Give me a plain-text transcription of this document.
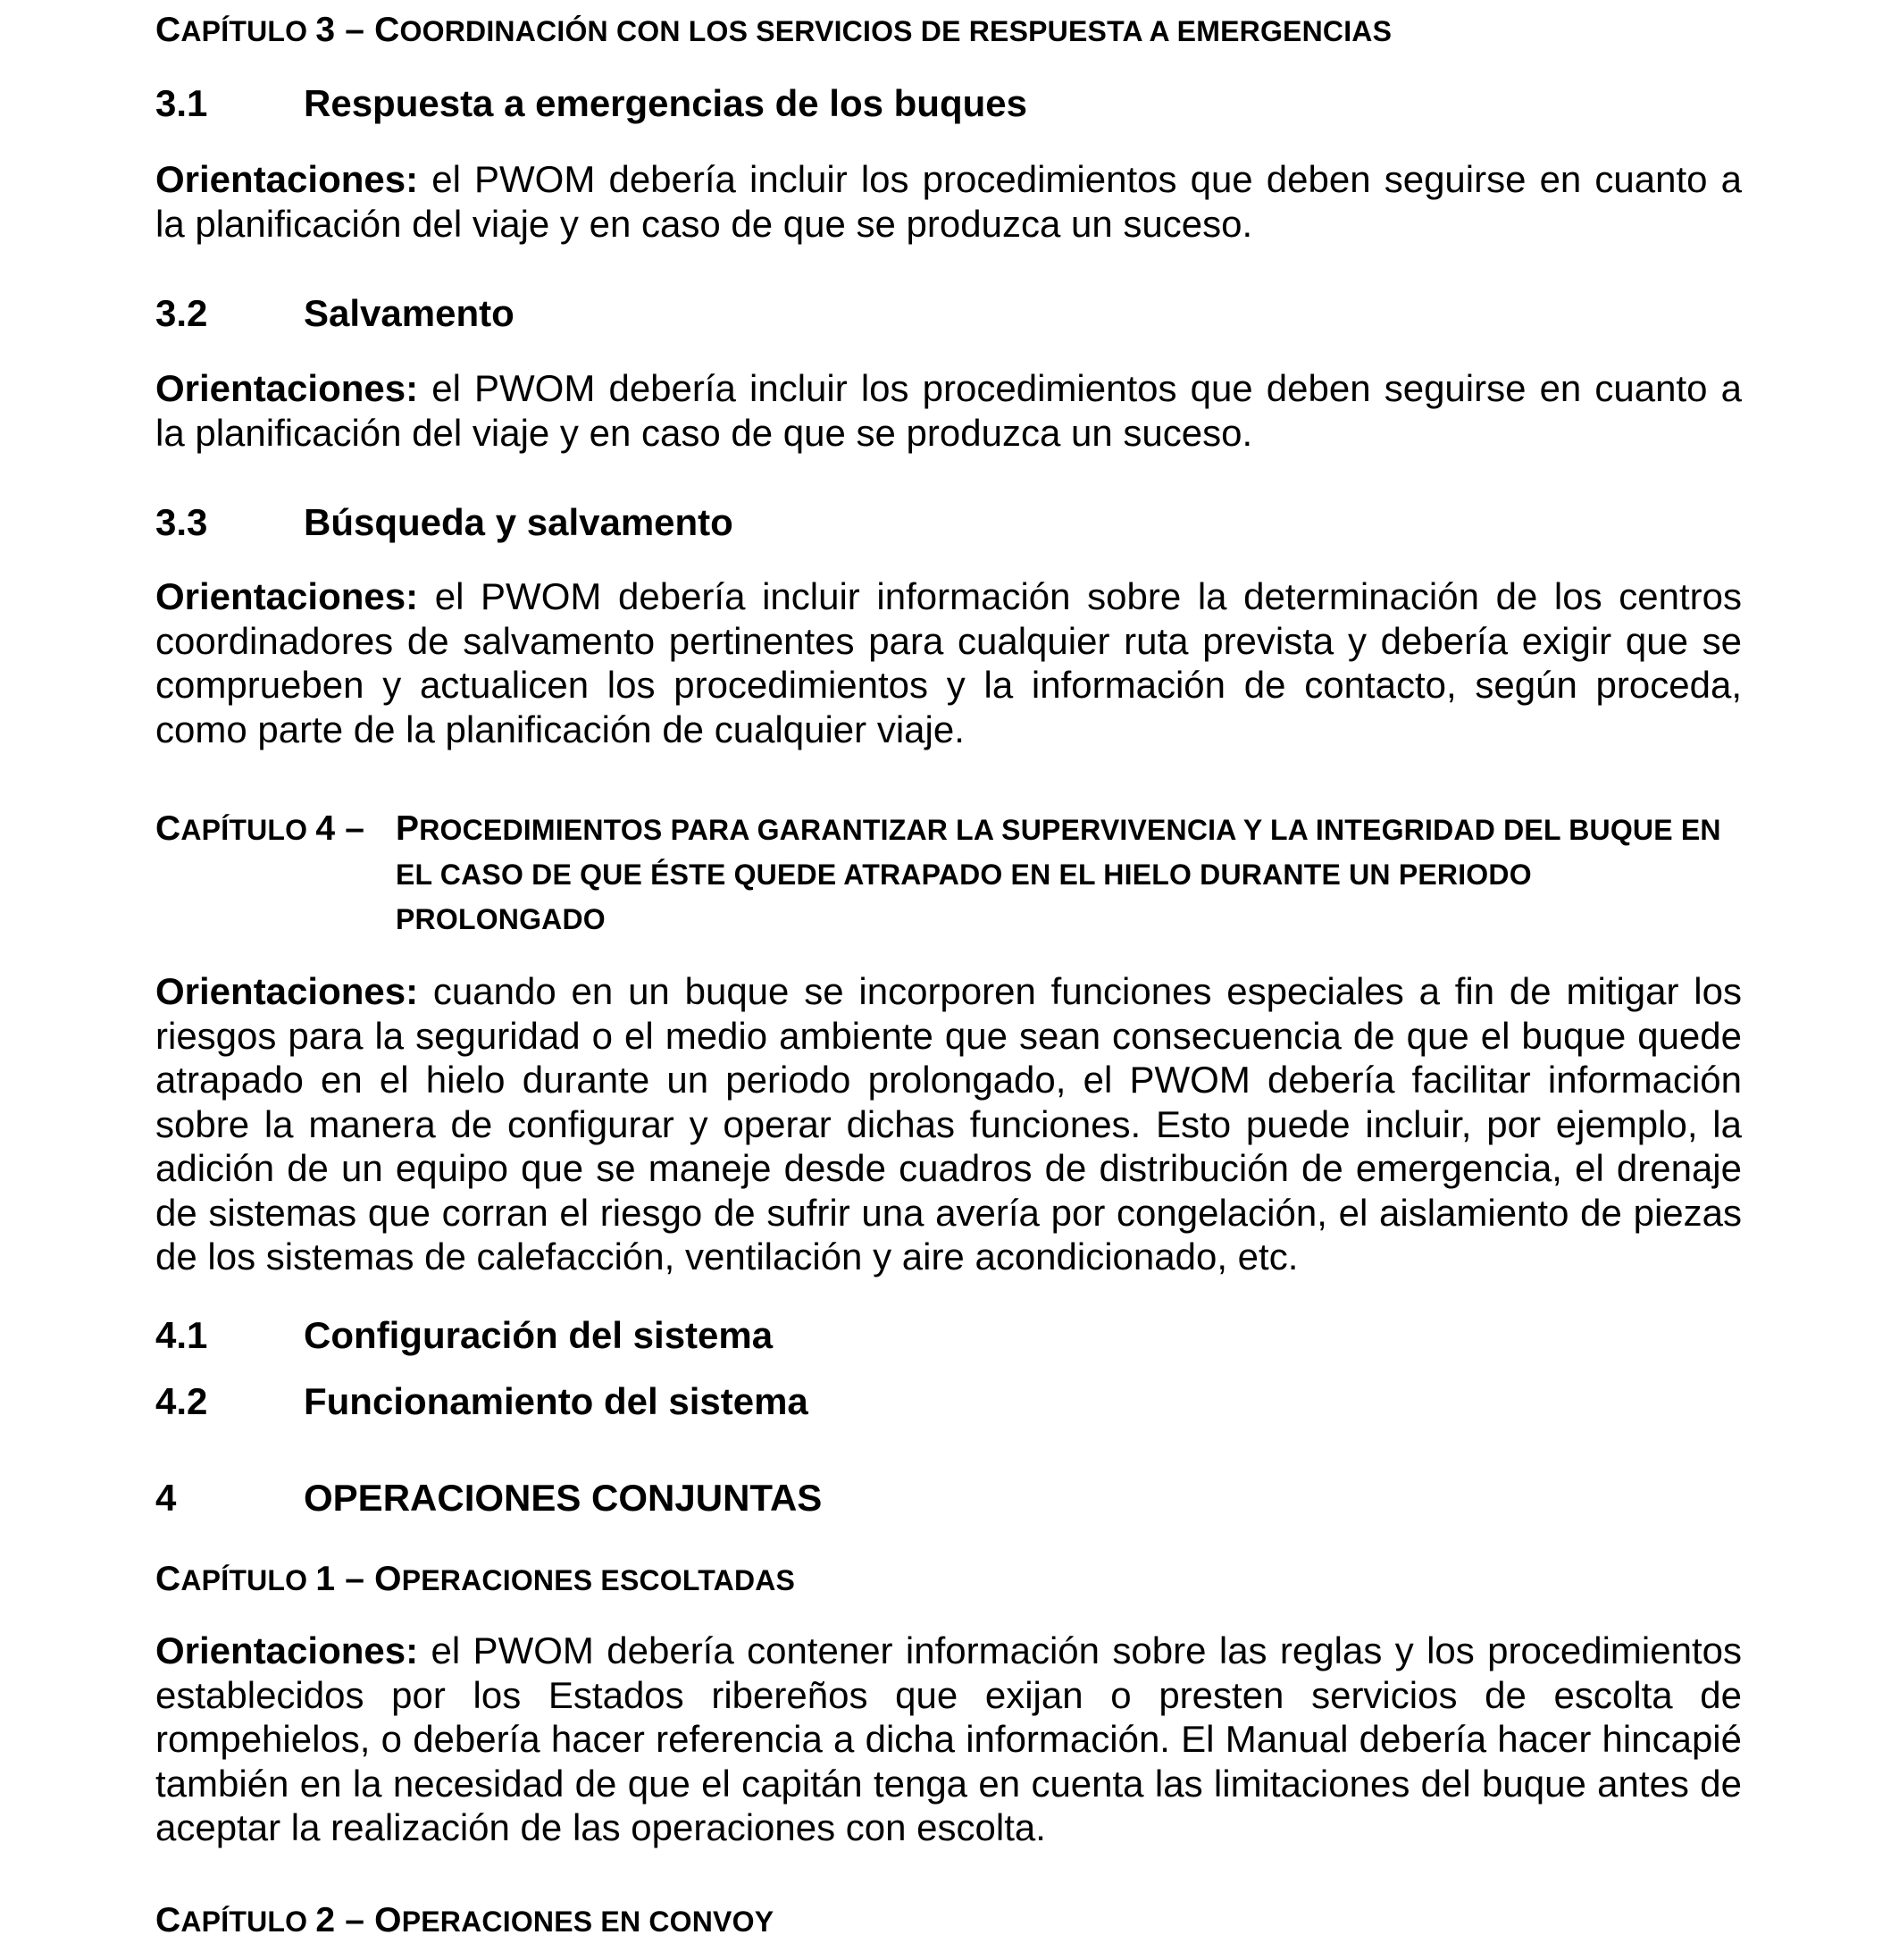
CAPÍTULO 3 – COORDINACIÓN CON LOS SERVICIOS DE RESPUESTA A EMERGENCIAS
3.1	Respuesta a emergencias de los buques
Orientaciones: el PWOM debería incluir los procedimientos que deben seguirse en cuanto a la planificación del viaje y en caso de que se produzca un suceso.
3.2	Salvamento
Orientaciones: el PWOM debería incluir los procedimientos que deben seguirse en cuanto a la planificación del viaje y en caso de que se produzca un suceso.
3.3	Búsqueda y salvamento
Orientaciones: el PWOM debería incluir información sobre la determinación de los centros coordinadores de salvamento pertinentes para cualquier ruta prevista y debería exigir que se comprueben y actualicen los procedimientos y la información de contacto, según proceda, como parte de la planificación de cualquier viaje.
CAPÍTULO 4 – PROCEDIMIENTOS PARA GARANTIZAR LA SUPERVIVENCIA Y LA INTEGRIDAD DEL BUQUE EN EL CASO DE QUE ÉSTE QUEDE ATRAPADO EN EL HIELO DURANTE UN PERIODO PROLONGADO
Orientaciones: cuando en un buque se incorporen funciones especiales a fin de mitigar los riesgos para la seguridad o el medio ambiente que sean consecuencia de que el buque quede atrapado en el hielo durante un periodo prolongado, el PWOM debería facilitar información sobre la manera de configurar y operar dichas funciones. Esto puede incluir, por ejemplo, la adición de un equipo que se maneje desde cuadros de distribución de emergencia, el drenaje de sistemas que corran el riesgo de sufrir una avería por congelación, el aislamiento de piezas de los sistemas de calefacción, ventilación y aire acondicionado, etc.
4.1	Configuración del sistema
4.2	Funcionamiento del sistema
4	OPERACIONES CONJUNTAS
CAPÍTULO 1 – OPERACIONES ESCOLTADAS
Orientaciones: el PWOM debería contener información sobre las reglas y los procedimientos establecidos por los Estados ribereños que exijan o presten servicios de escolta de rompehielos, o debería hacer referencia a dicha información. El Manual debería hacer hincapié también en la necesidad de que el capitán tenga en cuenta las limitaciones del buque antes de aceptar la realización de las operaciones con escolta.
CAPÍTULO 2 – OPERACIONES EN CONVOY
